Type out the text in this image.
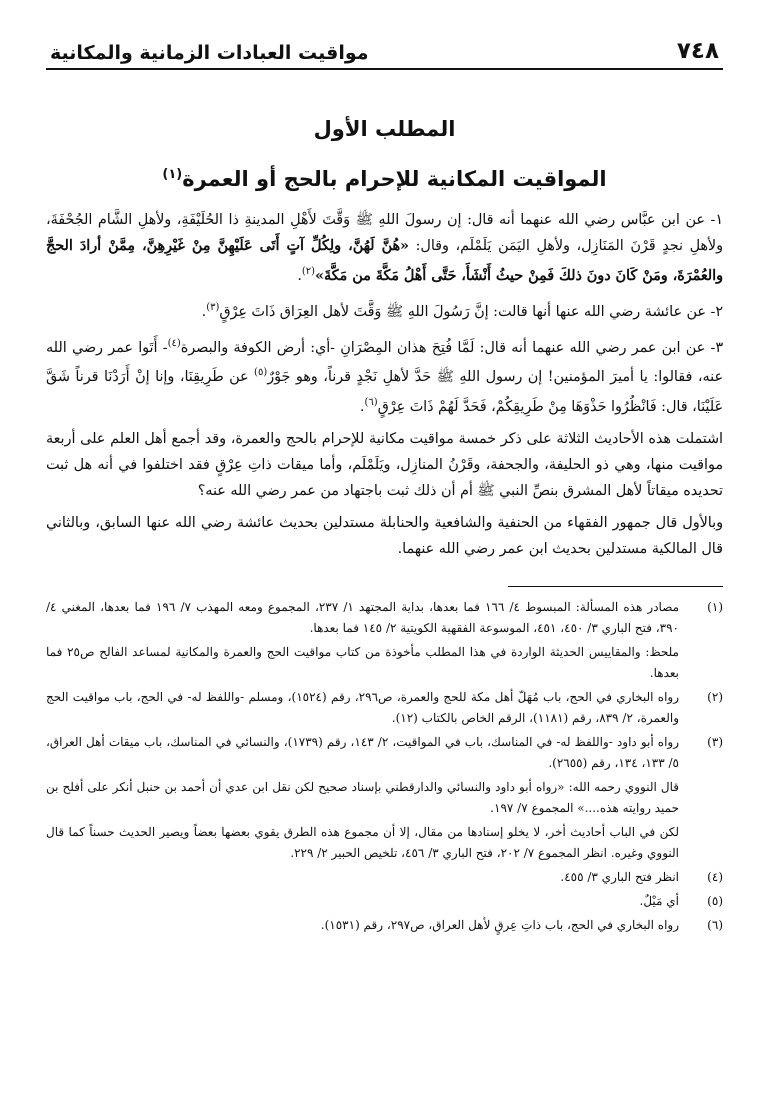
٧٤٨
مواقيت العبادات الزمانية والمكانية
المطلب الأول
المواقيت المكانية للإحرام بالحج أو العمرة$^{(١)}$

١- عن ابن عبَّاس رضي الله عنهما أنه قال: إن رسولَ اللهِ ﷺ وَقَّتَ لأَهْلِ المدينةِ ذا الحُلَيْفَةِ، ولأهلِ الشَّام الجُحْفَةَ، ولأهلِ نجدٍ قَرْنَ المَنَازِل، ولأهلِ اليَمَن يَلَمْلَم، وقال: «هُنَّ لَهُنَّ، ولِكُلِّ آتٍ أَتَى عَلَيْهِنَّ مِنْ غَيْرِهِنَّ، مِمَّنْ أرادَ الحجَّ والعُمْرَةَ، ومَنْ كَانَ دونَ ذلكَ فَمِنْ حيثُ أَنْشَأَ، حَتَّى أَهْلُ مَكَّةَ من مَكَّةَ»$^{(٢)}$.

٢- عن عائشة رضي الله عنها أنها قالت: إنَّ رَسُولَ اللهِ ﷺ وَقَّتَ لأهل العِرَاق ذَاتَ عِرْقٍ$^{(٣)}$.

٣- عن ابن عمر رضي الله عنهما أنه قال: لَمَّا فُتِحَ هذان المِصْرَانِ -أي: أرض الكوفة والبصرة$^{(٤)}$- أَتَوا عمر رضي الله عنه، فقالوا: يا أميرَ المؤمنين! إن رسول اللهِ ﷺ حَدَّ لأهلِ نَجْدٍ قرناً، وهو جَوْرٌ$^{(٥)}$ عن طَرِيقِنَا، وإنا إنْ أَرَدْنَا قرناً شَقَّ عَلَيْنَا، قال: فَانْظُرُوا حَذْوَهَا مِنْ طَرِيقِكُمْ، فَحَدَّ لَهُمْ ذَاتَ عِرْقٍ$^{(٦)}$.

اشتملت هذه الأحاديث الثلاثة على ذكر خمسة مواقيت مكانية للإحرام بالحج والعمرة، وقد أجمع أهل العلم على أربعة مواقيت منها، وهي ذو الحليفة، والجحفة، وقَرْنُ المنازِل، ويَلَمْلَم، وأما ميقات ذاتِ عِرْقٍ فقد اختلفوا في أنه هل ثبت تحديده ميقاتاً لأهل المشرق بنصِّ النبي ﷺ أم أن ذلك ثبت باجتهاد من عمر رضي الله عنه؟

وبالأول قال جمهور الفقهاء من الحنفية والشافعية والحنابلة مستدلين بحديث عائشة رضي الله عنها السابق، وبالثاني قال المالكية مستدلين بحديث ابن عمر رضي الله عنهما.

(١)
مصادر هذه المسألة: المبسوط ٤/ ١٦٦ فما بعدها، بداية المجتهد ١/ ٢٣٧، المجموع ومعه المهذب ٧/ ١٩٦ فما بعدها، المغني ٤/ ٣٩٠، فتح الباري ٣/ ٤٥٠، ٤٥١، الموسوعة الفقهية الكويتية ٢/ ١٤٥ فما بعدها.
ملحظ: والمقاييس الحديثة الواردة في هذا المطلب مأخوذة من كتاب مواقيت الحج والعمرة والمكانية لمساعد الفالح ص٢٥ فما بعدها.
(٢)
رواه البخاري في الحج، باب مُهَلّ أهل مكة للحج والعمرة، ص٢٩٦، رقم (١٥٢٤)، ومسلم -واللفظ له- في الحج، باب مواقيت الحج والعمرة، ٢/ ٨٣٩، رقم (١١٨١)، الرقم الخاص بالكتاب (١٢).
(٣)
رواه أبو داود -واللفظ له- في المناسك، باب في المواقيت، ٢/ ١٤٣، رقم (١٧٣٩)، والنسائي في المناسك، باب ميقات أهل العراق، ٥/ ١٣٣، ١٣٤، رقم (٢٦٥٥).
قال النووي رحمه الله: «رواه أبو داود والنسائي والدارقطني بإسناد صحيح لكن نقل ابن عدي أن أحمد بن حنبل أنكر على أفلح بن حميد روايته هذه....» المجموع ٧/ ١٩٧.
لكن في الباب أحاديث أخر، لا يخلو إسنادها من مقال، إلا أن مجموع هذه الطرق يقوي بعضها بعضاً ويصير الحديث حسناً كما قال النووي وغيره. انظر المجموع ٧/ ٢٠٢، فتح الباري ٣/ ٤٥٦، تلخيص الحبير ٢/ ٢٢٩.
(٤)
انظر فتح الباري ٣/ ٤٥٥.
(٥)
أي مَيْلٌ.
(٦)
رواه البخاري في الحج، باب ذاتِ عِرقٍ لأهل العراق، ص٢٩٧، رقم (١٥٣١).
